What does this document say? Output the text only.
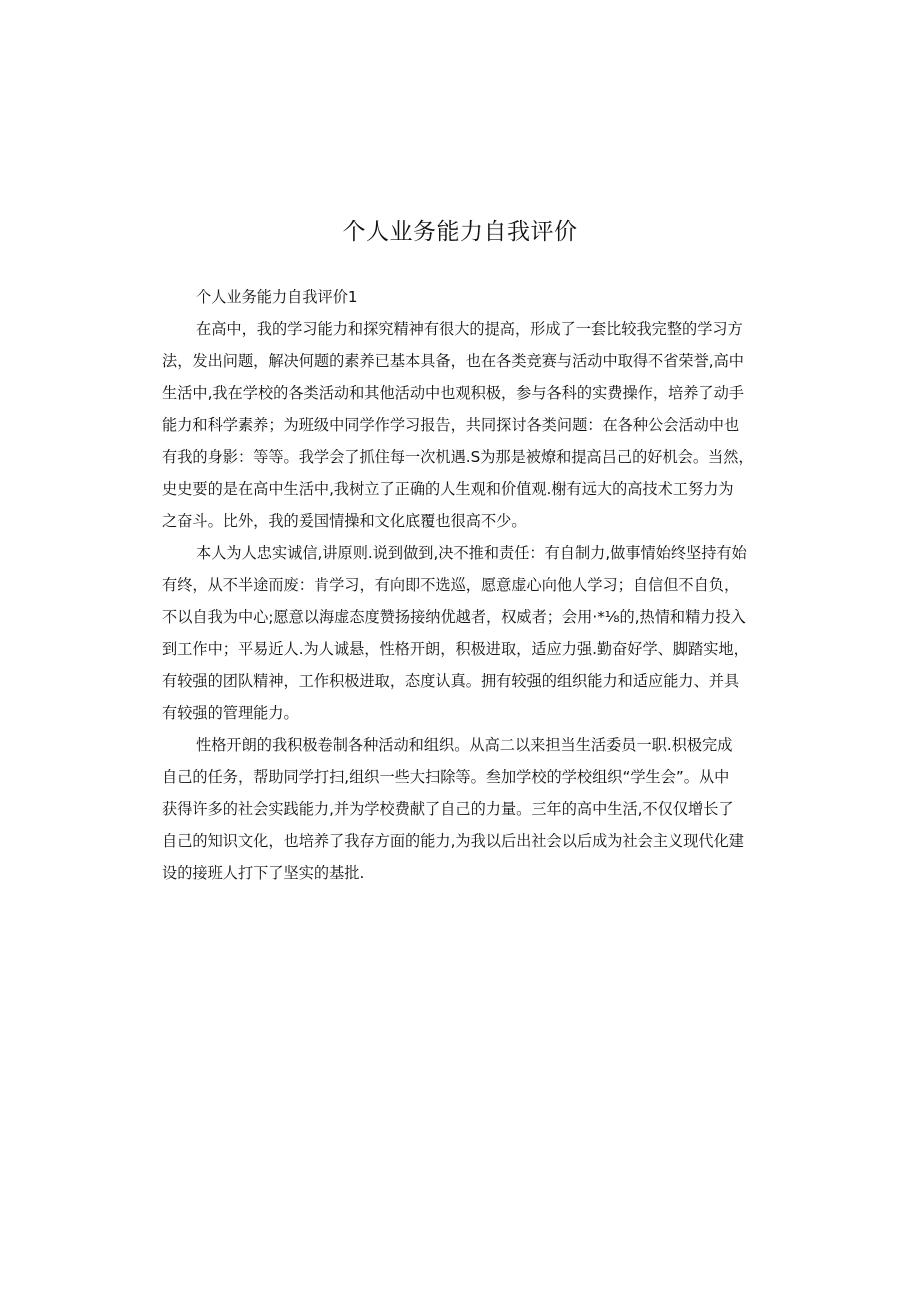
个人业务能力自我评价
个人业务能力自我评价1
在高中，我的学习能力和探究精神有很大的提高，形成了一套比较我完整的学习方
法，发出问题，解决何题的素养已基本具备，也在各类竞赛与活动中取得不省荣誉,高中
生活中,我在学校的各类活动和其他活动中也观积极，参与各科的实费操作，培养了动手
能力和科学素养；为班级中同学作学习报告，共同探讨各类问题：在各种公会活动中也
有我的身影：等等。我学会了抓住每一次机遇.S为那是被燎和提高吕己的好机会。当然，
史史要的是在高中生活中,我树立了正确的人生观和价值观.榭有远大的高技术工努力为
之奋斗。比外，我的爰国情操和文化底覆也很高不少。
本人为人忠实诚信,讲原则.说到做到,决不推和责任：有自制力,做事情始终坚持有始
有终，从不半途而废：肯学习，有向即不选巡，愿意虚心向他人学习；自信但不自负，
不以自我为中心;愿意以海虚态度赞扬接纳优越者，权威者；会用·*⅛的,热情和精力投入
到工作中；平易近人.为人诚悬，性格开朗，积极进取，适应力强.勤奋好学、脚踏实地，
有较强的团队精神，工作积极进取，态度认真。拥有较强的组织能力和适应能力、并具
有较强的管理能力。
性格开朗的我积极卷制各种活动和组织。从高二以来担当生活委员一职.枳极完成
自己的任务，帮助同学打扫,组织一些大扫除等。叁加学校的学校组织“学生会”。从中
获得许多的社会实践能力,并为学校费献了自己的力量。三年的高中生活,不仅仅增长了
自己的知识文化，也培养了我存方面的能力,为我以后出社会以后成为社会主义现代化建
设的接班人打下了坚实的基批.
